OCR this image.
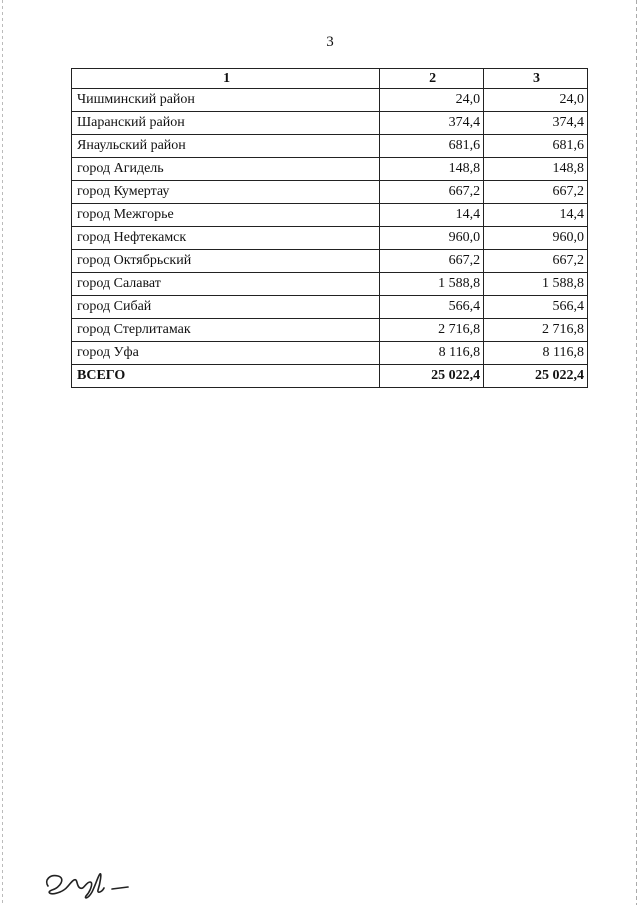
3
1	2	3
Чишминский район	24,0	24,0
Шаранский район	374,4	374,4
Янаульский район	681,6	681,6
город Агидель	148,8	148,8
город Кумертау	667,2	667,2
город Межгорье	14,4	14,4
город Нефтекамск	960,0	960,0
город Октябрьский	667,2	667,2
город Салават	1 588,8	1 588,8
город Сибай	566,4	566,4
город Стерлитамак	2 716,8	2 716,8
город Уфа	8 116,8	8 116,8
ВСЕГО	25 022,4	25 022,4
